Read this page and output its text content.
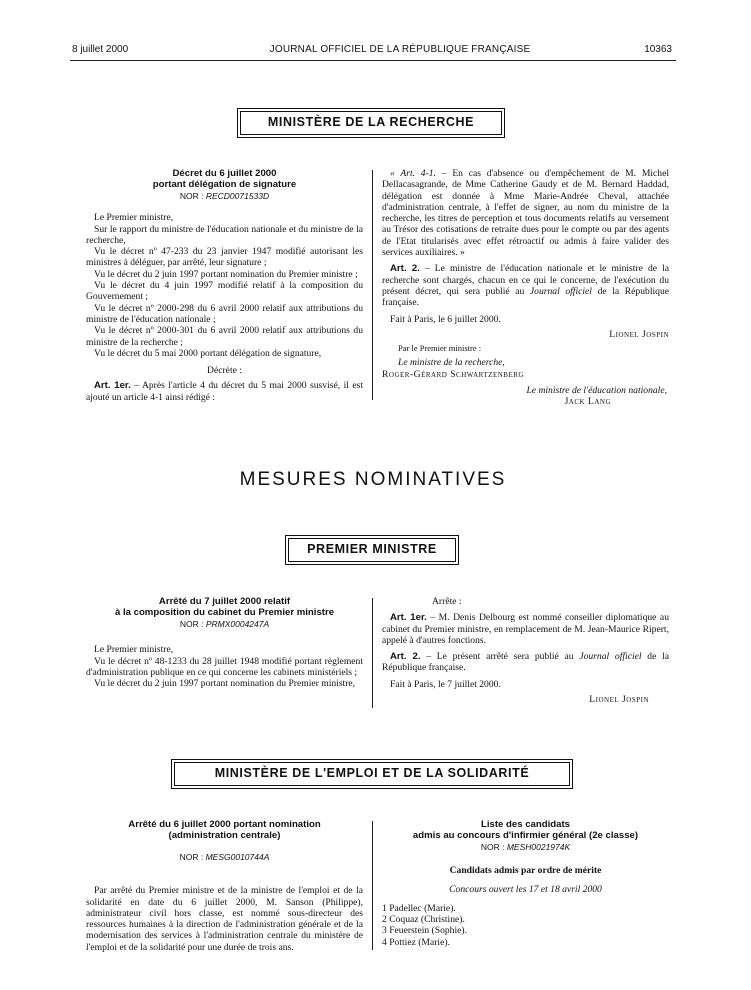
8 juillet 2000	JOURNAL OFFICIEL DE LA RÉPUBLIQUE FRANÇAISE	10363
MINISTÈRE DE LA RECHERCHE
Décret du 6 juillet 2000
portant délégation de signature
NOR : RECD0071533D

Le Premier ministre,

Sur le rapport du ministre de l'éducation nationale et du ministre de la recherche,

Vu le décret nº 47-233 du 23 janvier 1947 modifié autorisant les ministres à déléguer, par arrêté, leur signature ;

Vu le décret du 2 juin 1997 portant nomination du Premier ministre ;

Vu le décret du 4 juin 1997 modifié relatif à la composition du Gouvernement ;

Vu le décret nº 2000-298 du 6 avril 2000 relatif aux attributions du ministre de l'éducation nationale ;

Vu le décret nº 2000-301 du 6 avril 2000 relatif aux attributions du ministre de la recherche ;

Vu le décret du 5 mai 2000 portant délégation de signature,

Décrète :

Art. 1er. – Après l'article 4 du décret du 5 mai 2000 susvisé, il est ajouté un article 4-1 ainsi rédigé :

« Art. 4-1. – En cas d'absence ou d'empêchement de M. Michel Dellacasagrande, de Mme Catherine Gaudy et de M. Bernard Haddad, délégation est donnée à Mme Marie-Andrée Cheval, attachée d'administration centrale, à l'effet de signer, au nom du ministre de la recherche, les titres de perception et tous documents relatifs au versement au Trésor des cotisations de retraite dues pour le compte ou par des agents de l'Etat titularisés avec effet rétroactif ou admis à faire valider des services auxiliaires. »

Art. 2. – Le ministre de l'éducation nationale et le ministre de la recherche sont chargés, chacun en ce qui le concerne, de l'exécution du présent décret, qui sera publié au Journal officiel de la République française.

Fait à Paris, le 6 juillet 2000.

Lionel Jospin

Par le Premier ministre :

Le ministre de la recherche,

Roger-Gérard Schwartzenberg

Le ministre de l'éducation nationale,

Jack Lang

MESURES NOMINATIVES
PREMIER MINISTRE
Arrêté du 7 juillet 2000 relatif
à la composition du cabinet du Premier ministre
NOR : PRMX0004247A

Le Premier ministre,

Vu le décret nº 48-1233 du 28 juillet 1948 modifié portant règlement d'administration publique en ce qui concerne les cabinets ministériels ;

Vu le décret du 2 juin 1997 portant nomination du Premier ministre,

Arrête :

Art. 1er. – M. Denis Delbourg est nommé conseiller diplomatique au cabinet du Premier ministre, en remplacement de M. Jean-Maurice Ripert, appelé à d'autres fonctions.

Art. 2. – Le présent arrêté sera publié au Journal officiel de la République française.

Fait à Paris, le 7 juillet 2000.

Lionel Jospin

MINISTÈRE DE L'EMPLOI ET DE LA SOLIDARITÉ
Arrêté du 6 juillet 2000 portant nomination
(administration centrale)
NOR : MESG0010744A

Par arrêté du Premier ministre et de la ministre de l'emploi et de la solidarité en date du 6 juillet 2000, M. Sanson (Philippe), administrateur civil hors classe, est nommé sous-directeur des ressources humaines à la direction de l'administration générale et de la modernisation des services à l'administration centrale du ministère de l'emploi et de la solidarité pour une durée de trois ans.

Liste des candidats
admis au concours d'infirmier général (2e classe)
NOR : MESH0021974K

Candidats admis par ordre de mérite

Concours ouvert les 17 et 18 avril 2000

1 Padellec (Marie).

2 Coquaz (Christine).

3 Feuerstein (Sophie).

4 Pottiez (Marie).
